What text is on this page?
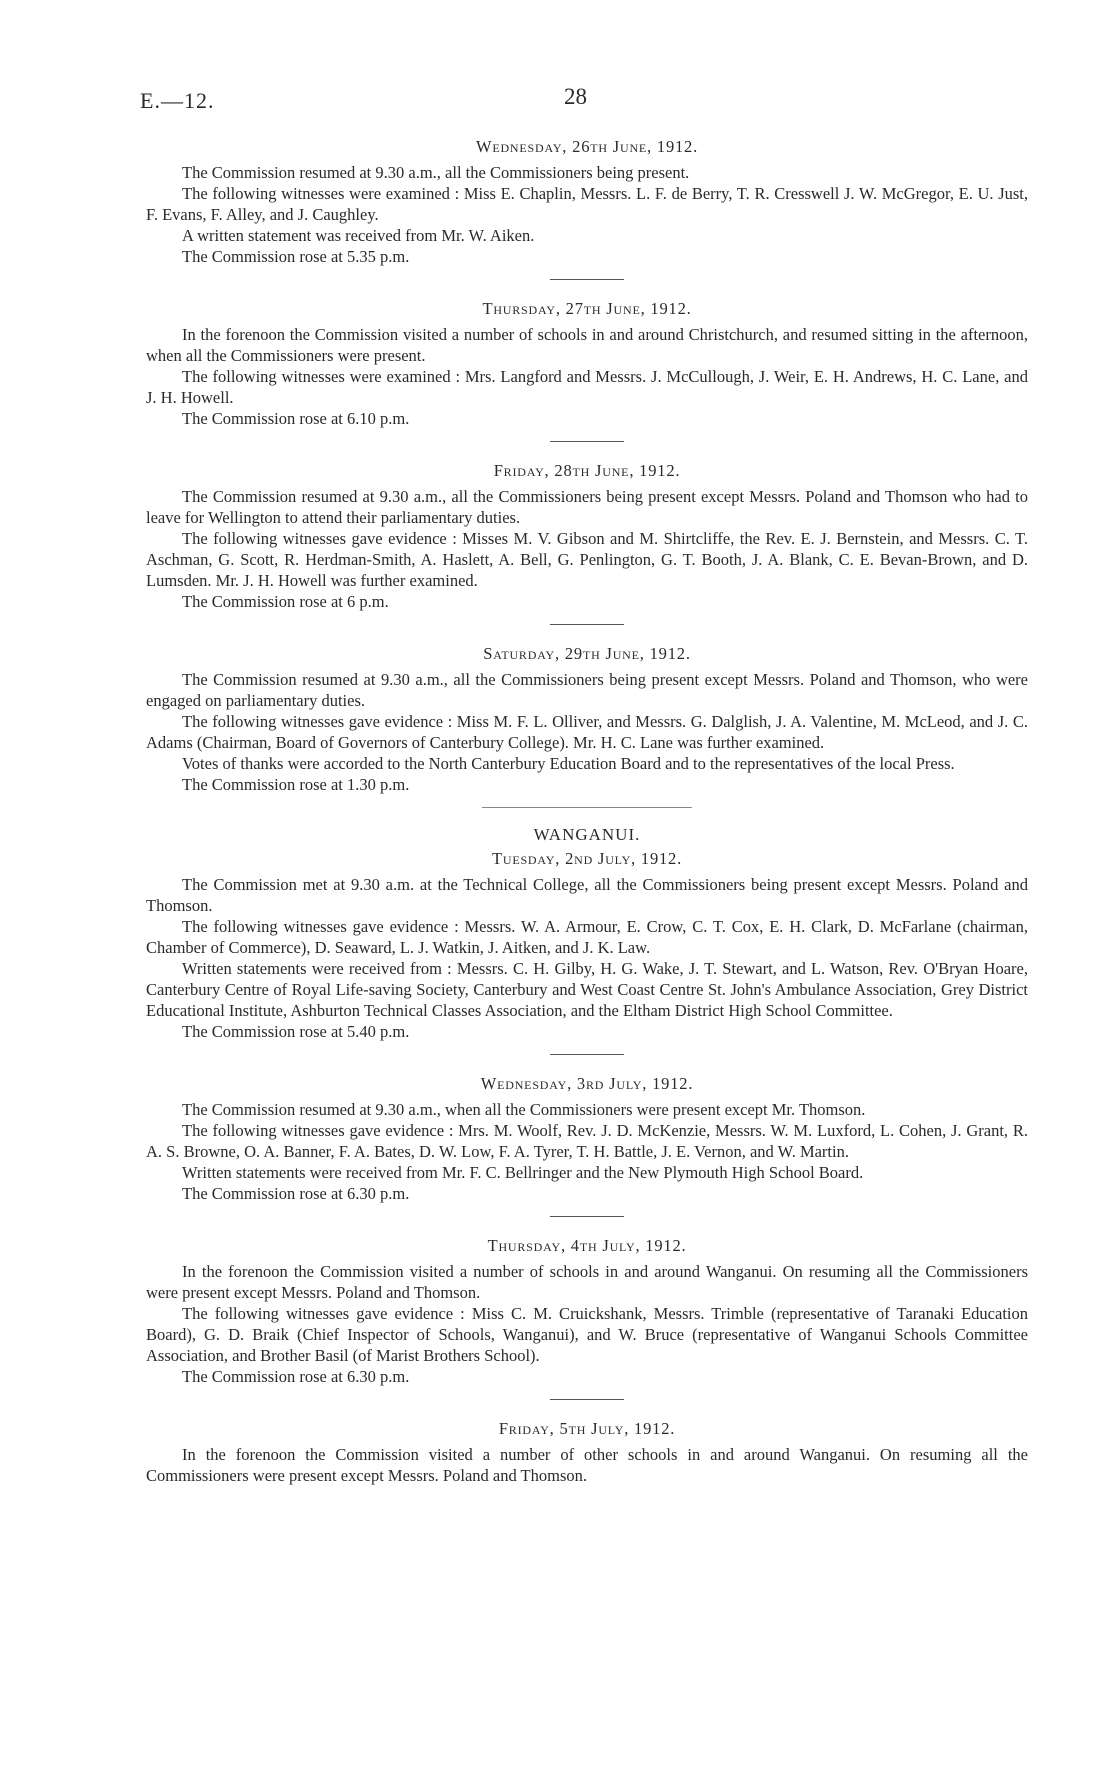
E.—12.	28
Wednesday, 26th June, 1912.

The Commission resumed at 9.30 a.m., all the Commissioners being present.

The following witnesses were examined : Miss E. Chaplin, Messrs. L. F. de Berry, T. R. Cresswell J. W. McGregor, E. U. Just, F. Evans, F. Alley, and J. Caughley.

A written statement was received from Mr. W. Aiken.

The Commission rose at 5.35 p.m.

Thursday, 27th June, 1912.

In the forenoon the Commission visited a number of schools in and around Christchurch, and resumed sitting in the afternoon, when all the Commissioners were present.

The following witnesses were examined : Mrs. Langford and Messrs. J. McCullough, J. Weir, E. H. Andrews, H. C. Lane, and J. H. Howell.

The Commission rose at 6.10 p.m.

Friday, 28th June, 1912.

The Commission resumed at 9.30 a.m., all the Commissioners being present except Messrs. Poland and Thomson who had to leave for Wellington to attend their parliamentary duties.

The following witnesses gave evidence : Misses M. V. Gibson and M. Shirtcliffe, the Rev. E. J. Bernstein, and Messrs. C. T. Aschman, G. Scott, R. Herdman-Smith, A. Haslett, A. Bell, G. Penlington, G. T. Booth, J. A. Blank, C. E. Bevan-Brown, and D. Lumsden. Mr. J. H. Howell was further examined.

The Commission rose at 6 p.m.

Saturday, 29th June, 1912.

The Commission resumed at 9.30 a.m., all the Commissioners being present except Messrs. Poland and Thomson, who were engaged on parliamentary duties.

The following witnesses gave evidence : Miss M. F. L. Olliver, and Messrs. G. Dalglish, J. A. Valentine, M. McLeod, and J. C. Adams (Chairman, Board of Governors of Canterbury College). Mr. H. C. Lane was further examined.

Votes of thanks were accorded to the North Canterbury Education Board and to the representatives of the local Press.

The Commission rose at 1.30 p.m.

WANGANUI.
Tuesday, 2nd July, 1912.

The Commission met at 9.30 a.m. at the Technical College, all the Commissioners being present except Messrs. Poland and Thomson.

The following witnesses gave evidence : Messrs. W. A. Armour, E. Crow, C. T. Cox, E. H. Clark, D. McFarlane (chairman, Chamber of Commerce), D. Seaward, L. J. Watkin, J. Aitken, and J. K. Law.

Written statements were received from : Messrs. C. H. Gilby, H. G. Wake, J. T. Stewart, and L. Watson, Rev. O'Bryan Hoare, Canterbury Centre of Royal Life-saving Society, Canterbury and West Coast Centre St. John's Ambulance Association, Grey District Educational Institute, Ashburton Technical Classes Association, and the Eltham District High School Committee.

The Commission rose at 5.40 p.m.

Wednesday, 3rd July, 1912.

The Commission resumed at 9.30 a.m., when all the Commissioners were present except Mr. Thomson.

The following witnesses gave evidence : Mrs. M. Woolf, Rev. J. D. McKenzie, Messrs. W. M. Luxford, L. Cohen, J. Grant, R. A. S. Browne, O. A. Banner, F. A. Bates, D. W. Low, F. A. Tyrer, T. H. Battle, J. E. Vernon, and W. Martin.

Written statements were received from Mr. F. C. Bellringer and the New Plymouth High School Board.

The Commission rose at 6.30 p.m.

Thursday, 4th July, 1912.

In the forenoon the Commission visited a number of schools in and around Wanganui. On resuming all the Commissioners were present except Messrs. Poland and Thomson.

The following witnesses gave evidence : Miss C. M. Cruickshank, Messrs. Trimble (representative of Taranaki Education Board), G. D. Braik (Chief Inspector of Schools, Wanganui), and W. Bruce (representative of Wanganui Schools Committee Association, and Brother Basil (of Marist Brothers School).

The Commission rose at 6.30 p.m.

Friday, 5th July, 1912.

In the forenoon the Commission visited a number of other schools in and around Wanganui. On resuming all the Commissioners were present except Messrs. Poland and Thomson.
